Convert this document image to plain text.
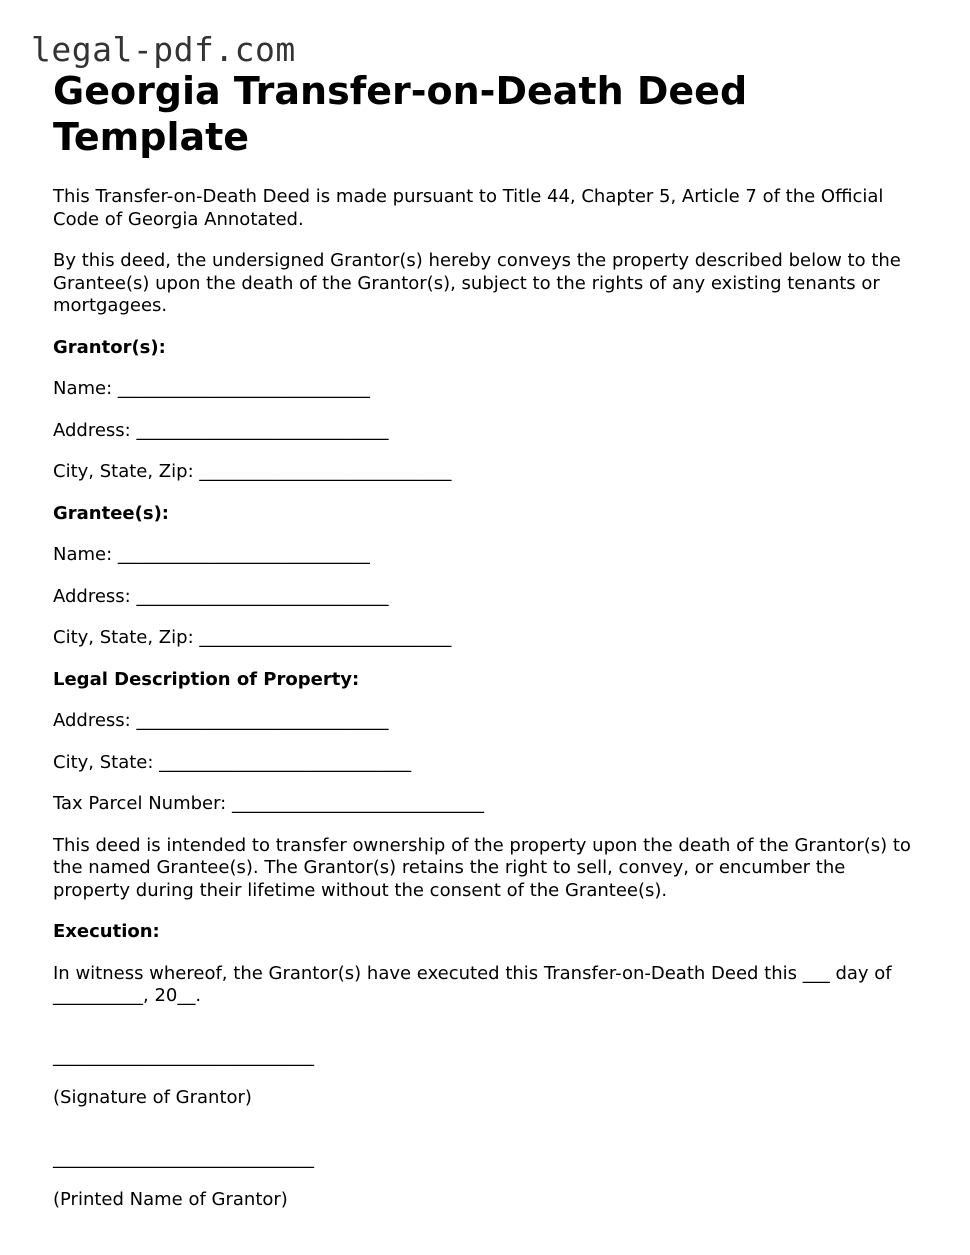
legal-pdf.com
Georgia Transfer-on-Death Deed Template

This Transfer-on-Death Deed is made pursuant to Title 44, Chapter 5, Article 7 of the Official Code of Georgia Annotated.

By this deed, the undersigned Grantor(s) hereby conveys the property described below to the Grantee(s) upon the death of the Grantor(s), subject to the rights of any existing tenants or mortgagees.

Grantor(s):
Name: ____________________________
Address: ____________________________
City, State, Zip: ____________________________
Grantee(s):
Name: ____________________________
Address: ____________________________
City, State, Zip: ____________________________
Legal Description of Property:
Address: ____________________________
City, State: ____________________________
Tax Parcel Number: ____________________________

This deed is intended to transfer ownership of the property upon the death of the Grantor(s) to the named Grantee(s). The Grantor(s) retains the right to sell, convey, or encumber the property during their lifetime without the consent of the Grantee(s).

Execution:

In witness whereof, the Grantor(s) have executed this Transfer-on-Death Deed this ___ day of __________, 20__.

_____________________________
(Signature of Grantor)
_____________________________
(Printed Name of Grantor)
